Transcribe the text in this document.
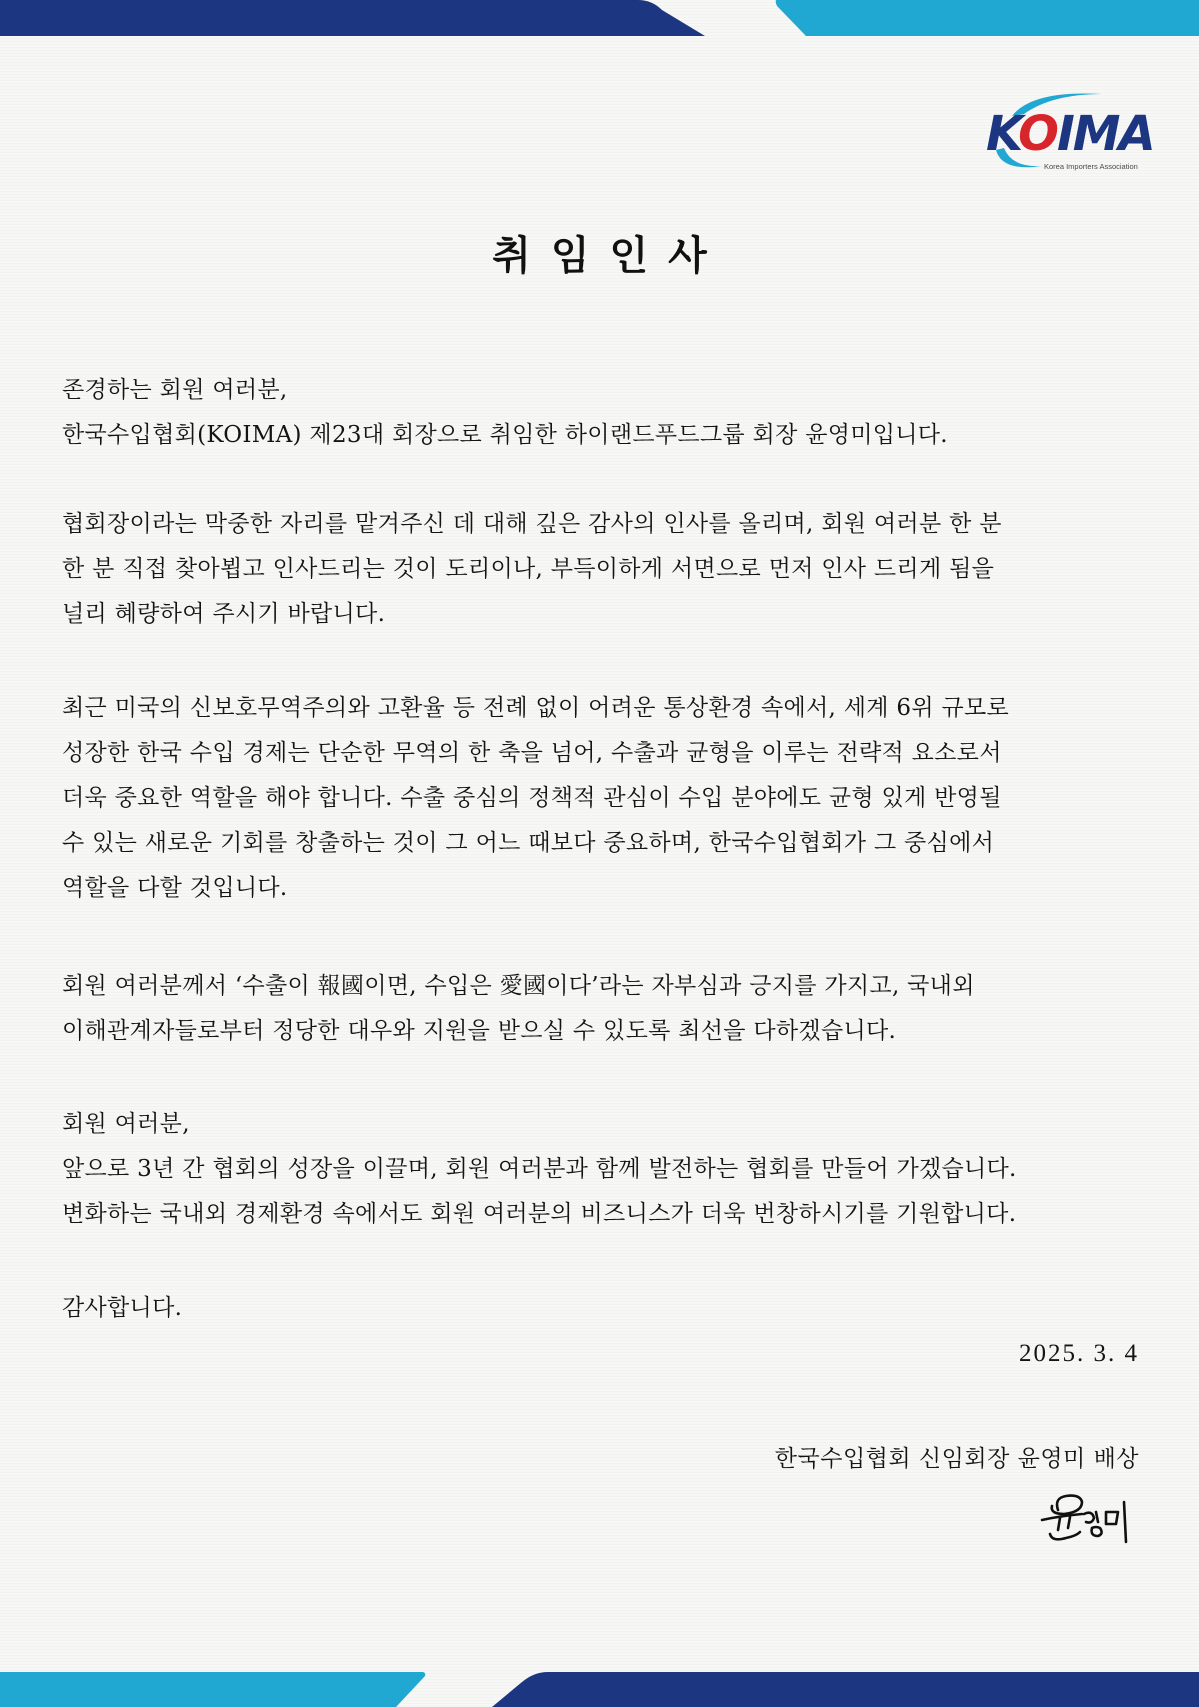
KOIMA
Korea Importers Association
취임인사
존경하는 회원 여러분,
한국수입협회(KOIMA) 제23대 회장으로 취임한 하이랜드푸드그룹 회장 윤영미입니다.
협회장이라는 막중한 자리를 맡겨주신 데 대해 깊은 감사의 인사를 올리며, 회원 여러분 한 분
한 분 직접 찾아뵙고 인사드리는 것이 도리이나, 부득이하게 서면으로 먼저 인사 드리게 됨을
널리 혜량하여 주시기 바랍니다.
최근 미국의 신보호무역주의와 고환율 등 전례 없이 어려운 통상환경 속에서, 세계 6위 규모로
성장한 한국 수입 경제는 단순한 무역의 한 축을 넘어, 수출과 균형을 이루는 전략적 요소로서
더욱 중요한 역할을 해야 합니다. 수출 중심의 정책적 관심이 수입 분야에도 균형 있게 반영될
수 있는 새로운 기회를 창출하는 것이 그 어느 때보다 중요하며, 한국수입협회가 그 중심에서
역할을 다할 것입니다.
회원 여러분께서 ‘수출이 報國이면, 수입은 愛國이다’라는 자부심과 긍지를 가지고, 국내외
이해관계자들로부터 정당한 대우와 지원을 받으실 수 있도록 최선을 다하겠습니다.
회원 여러분,
앞으로 3년 간 협회의 성장을 이끌며, 회원 여러분과 함께 발전하는 협회를 만들어 가겠습니다.
변화하는 국내외 경제환경 속에서도 회원 여러분의 비즈니스가 더욱 번창하시기를 기원합니다.
감사합니다.
2025. 3. 4
한국수입협회 신임회장 윤영미 배상
